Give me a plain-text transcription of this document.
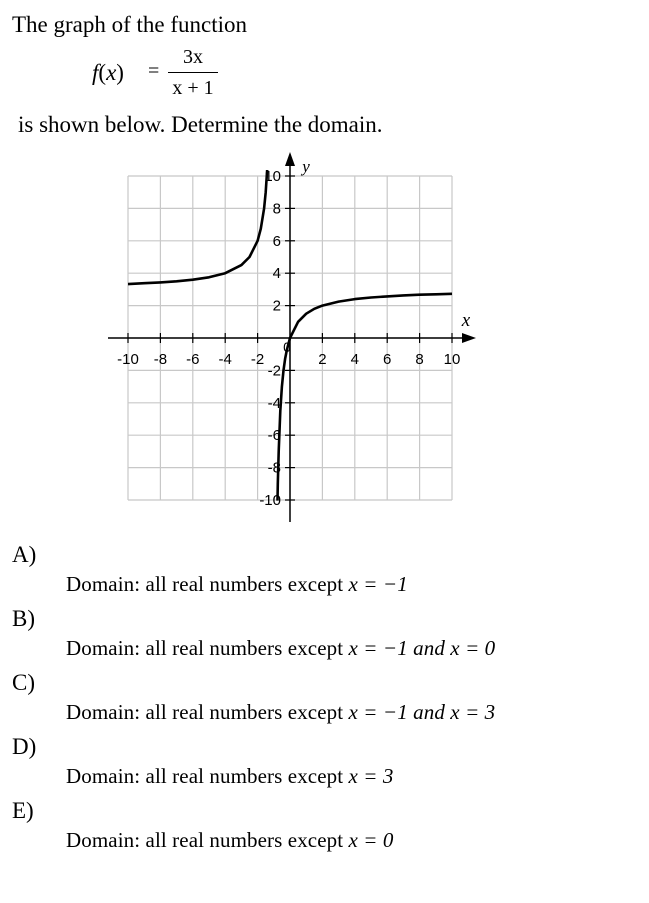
The graph of the function
f(x) =
3x
x + 1
is shown below. Determine the domain.
-10 -8 -6 -4 -2	2 4 6 8 10
10
8
6
4
2
-2
-4
-6
-8
-10
0
x
y
A)
Domain: all real numbers except x = −1
B)
Domain: all real numbers except x = −1 and x = 0
C)
Domain: all real numbers except x = −1 and x = 3
D)
Domain: all real numbers except x = 3
E)
Domain: all real numbers except x = 0
